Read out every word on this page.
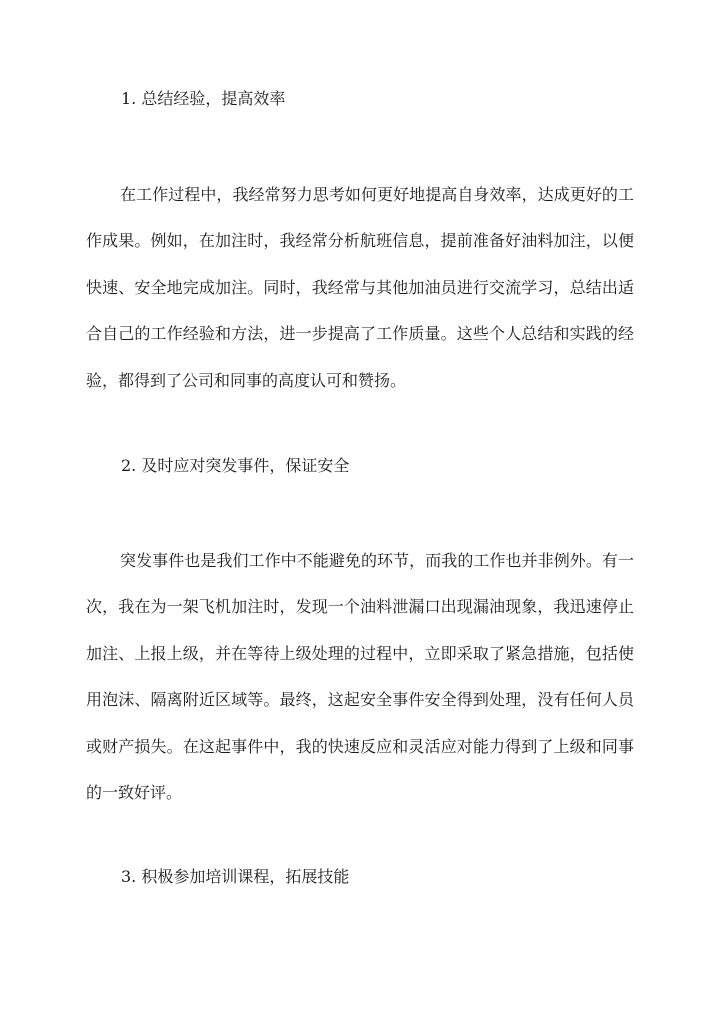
1. 总结经验，提高效率

在工作过程中，我经常努力思考如何更好地提高自身效率，达成更好的工作成果。例如，在加注时，我经常分析航班信息，提前准备好油料加注，以便快速、安全地完成加注。同时，我经常与其他加油员进行交流学习，总结出适合自己的工作经验和方法，进一步提高了工作质量。这些个人总结和实践的经验，都得到了公司和同事的高度认可和赞扬。

2. 及时应对突发事件，保证安全

突发事件也是我们工作中不能避免的环节，而我的工作也并非例外。有一次，我在为一架飞机加注时，发现一个油料泄漏口出现漏油现象，我迅速停止加注、上报上级，并在等待上级处理的过程中，立即采取了紧急措施，包括使用泡沫、隔离附近区域等。最终，这起安全事件安全得到处理，没有任何人员或财产损失。在这起事件中，我的快速反应和灵活应对能力得到了上级和同事的一致好评。

3. 积极参加培训课程，拓展技能
